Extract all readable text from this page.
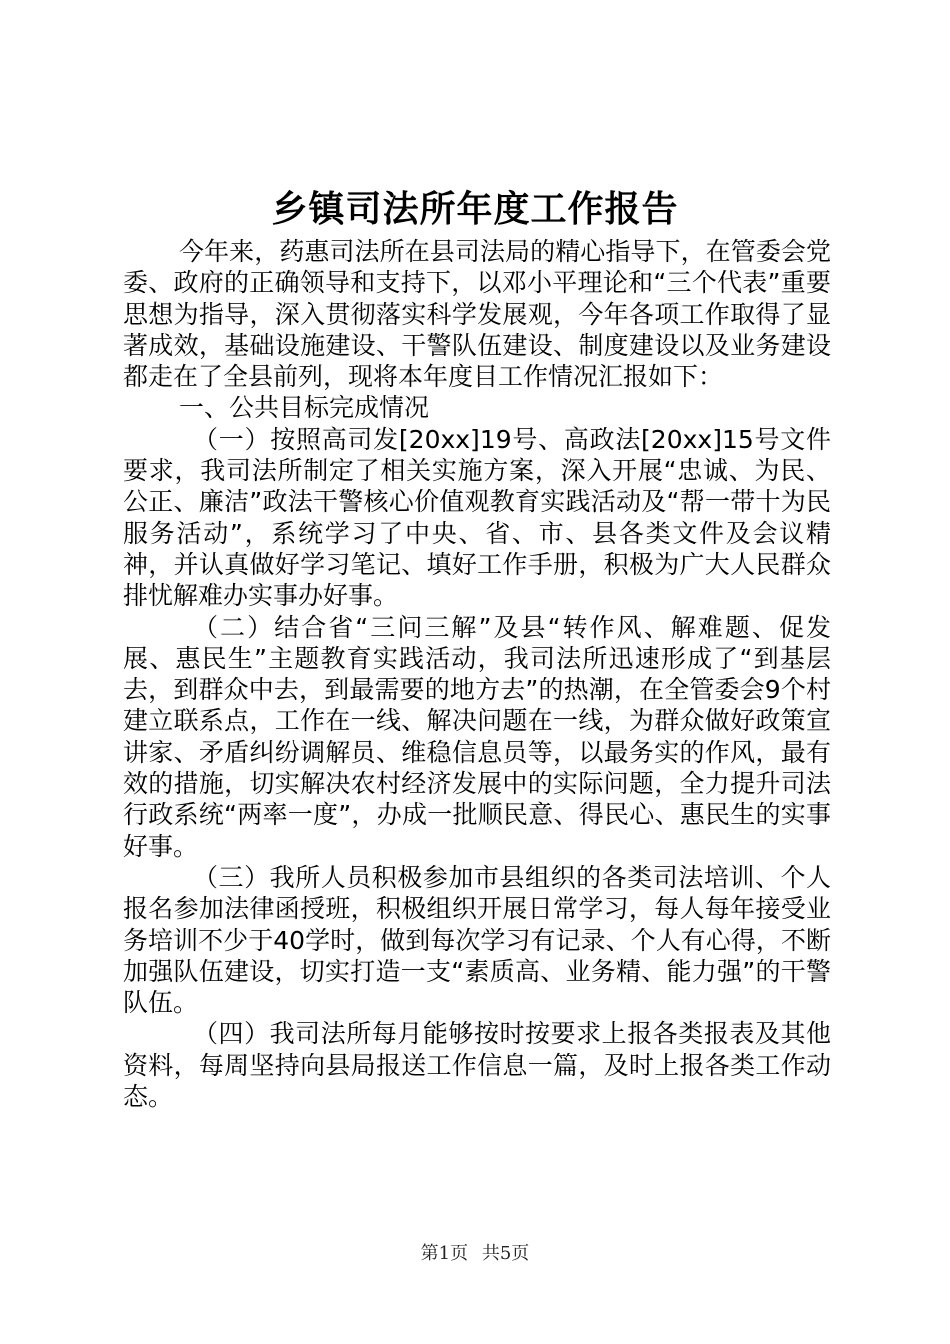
乡镇司法所年度工作报告

今年来，药惠司法所在县司法局的精心指导下，在管委会党委、政府的正确领导和支持下，以邓小平理论和“三个代表”重要思想为指导，深入贯彻落实科学发展观，今年各项工作取得了显著成效，基础设施建设、干警队伍建设、制度建设以及业务建设都走在了全县前列，现将本年度目工作情况汇报如下：

一、公共目标完成情况

（一）按照高司发[20xx]19号、高政法[20xx]15号文件要求，我司法所制定了相关实施方案，深入开展“忠诚、为民、公正、廉洁”政法干警核心价值观教育实践活动及“帮一带十为民服务活动”，系统学习了中央、省、市、县各类文件及会议精神，并认真做好学习笔记、填好工作手册，积极为广大人民群众排忧解难办实事办好事。

（二）结合省“三问三解”及县“转作风、解难题、促发展、惠民生”主题教育实践活动，我司法所迅速形成了“到基层去，到群众中去，到最需要的地方去”的热潮，在全管委会9个村建立联系点，工作在一线、解决问题在一线，为群众做好政策宣讲家、矛盾纠纷调解员、维稳信息员等，以最务实的作风，最有效的措施，切实解决农村经济发展中的实际问题，全力提升司法行政系统“两率一度”，办成一批顺民意、得民心、惠民生的实事好事。

（三）我所人员积极参加市县组织的各类司法培训、个人报名参加法律函授班，积极组织开展日常学习，每人每年接受业务培训不少于40学时，做到每次学习有记录、个人有心得，不断加强队伍建设，切实打造一支“素质高、业务精、能力强”的干警队伍。

（四）我司法所每月能够按时按要求上报各类报表及其他资料，每周坚持向县局报送工作信息一篇，及时上报各类工作动态。

第1页 共5页
